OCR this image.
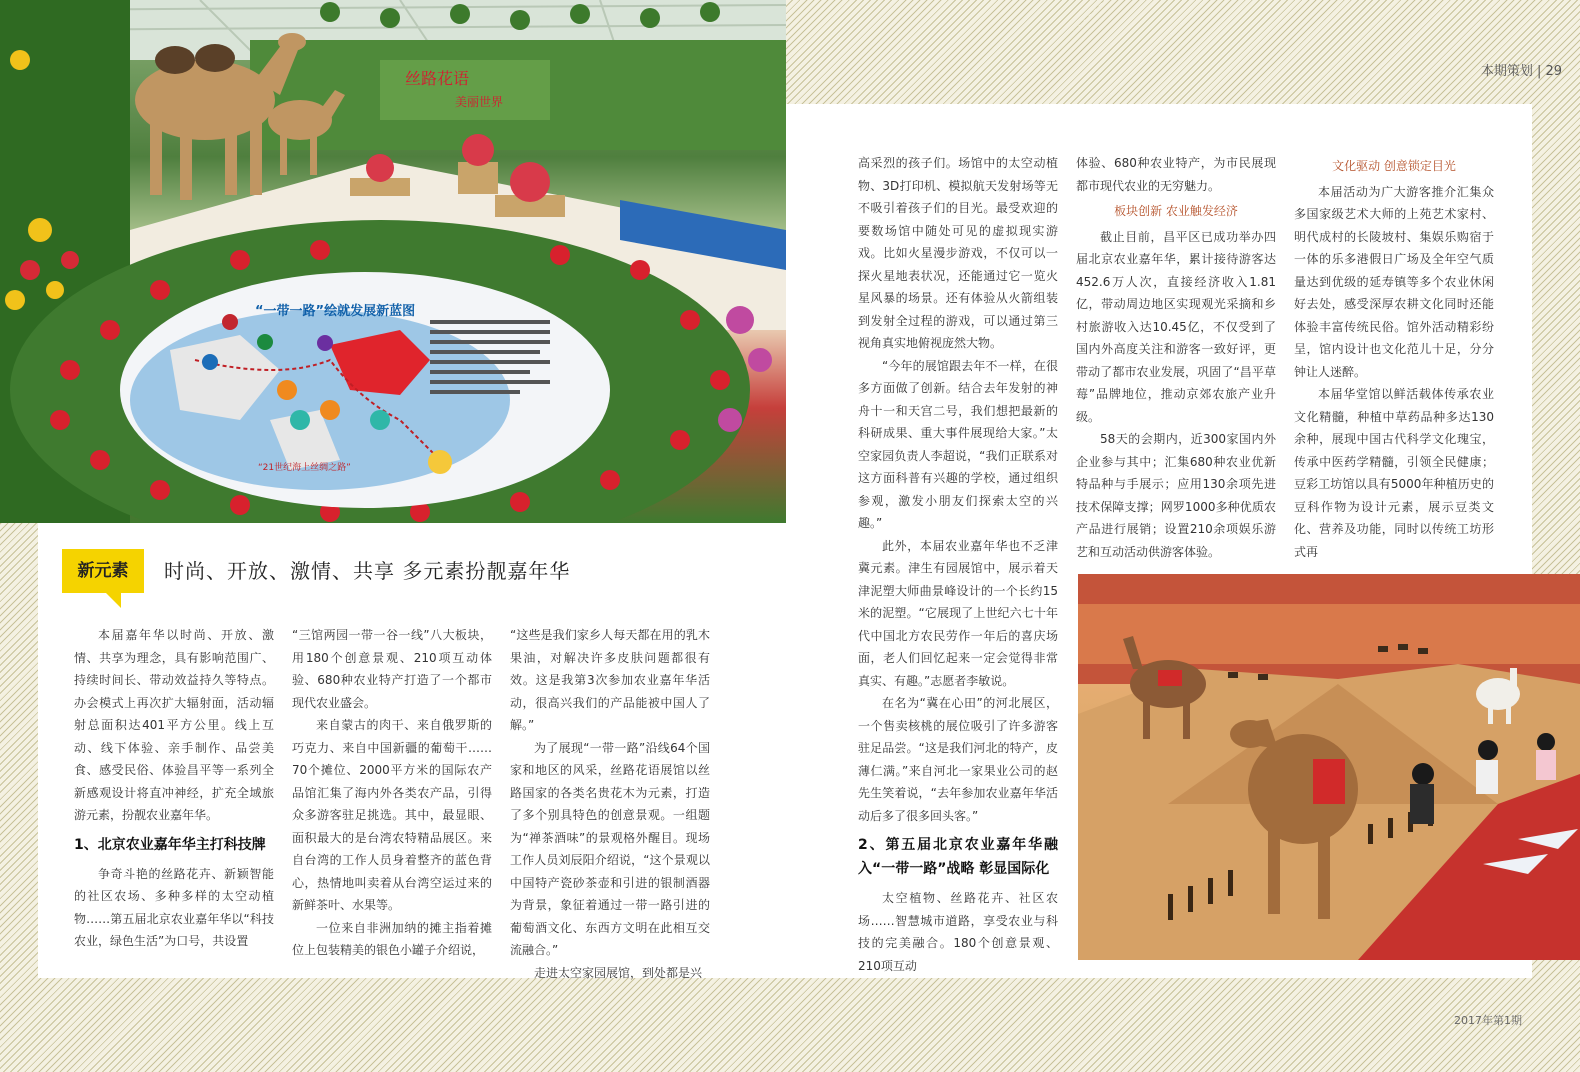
丝路花语
美丽世界
“一带一路”绘就发展新蓝图
“21世纪海上丝绸之路”
本期策划 | 29
2017年第1期
新元素	时尚、开放、激情、共享 多元素扮靓嘉年华

本届嘉年华以时尚、开放、激情、共享为理念，具有影响范围广、持续时间长、带动效益持久等特点。办会模式上再次扩大辐射面，活动辐射总面积达401平方公里。线上互动、线下体验、亲手制作、品尝美食、感受民俗、体验昌平等一系列全新感观设计将直冲神经，扩充全域旅游元素，扮靓农业嘉年华。

1、北京农业嘉年华主打科技牌

争奇斗艳的丝路花卉、新颖智能的社区农场、多种多样的太空动植物……第五届北京农业嘉年华以“科技农业，绿色生活”为口号，共设置

“三馆两园一带一谷一线”八大板块，用180个创意景观、210项互动体验、680种农业特产打造了一个都市现代农业盛会。

来自蒙古的肉干、来自俄罗斯的巧克力、来自中国新疆的葡萄干……70个摊位、2000平方米的国际农产品馆汇集了海内外各类农产品，引得众多游客驻足挑选。其中，最显眼、面积最大的是台湾农特精品展区。来自台湾的工作人员身着整齐的蓝色背心，热情地叫卖着从台湾空运过来的新鲜茶叶、水果等。

一位来自非洲加纳的摊主指着摊位上包装精美的银色小罐子介绍说，

“这些是我们家乡人每天都在用的乳木果油，对解决许多皮肤问题都很有效。这是我第3次参加农业嘉年华活动，很高兴我们的产品能被中国人了解。”

为了展现“一带一路”沿线64个国家和地区的风采，丝路花语展馆以丝路国家的各类名贵花木为元素，打造了多个别具特色的创意景观。一组题为“禅茶酒味”的景观格外醒目。现场工作人员刘辰阳介绍说，“这个景观以中国特产瓷砂茶壶和引进的银制酒器为背景，象征着通过一带一路引进的葡萄酒文化、东西方文明在此相互交流融合。”

走进太空家园展馆，到处都是兴

高采烈的孩子们。场馆中的太空动植物、3D打印机、模拟航天发射场等无不吸引着孩子们的目光。最受欢迎的要数场馆中随处可见的虚拟现实游戏。比如火星漫步游戏，不仅可以一探火星地表状况，还能通过它一览火星风暴的场景。还有体验从火箭组装到发射全过程的游戏，可以通过第三视角真实地俯视庞然大物。

“今年的展馆跟去年不一样，在很多方面做了创新。结合去年发射的神舟十一和天宫二号，我们想把最新的科研成果、重大事件展现给大家。”太空家园负责人李超说，“我们正联系对这方面科普有兴趣的学校，通过组织参观，激发小朋友们探索太空的兴趣。”

此外，本届农业嘉年华也不乏津冀元素。津生有园展馆中，展示着天津泥塑大师曲景峰设计的一个长约15米的泥塑。“它展现了上世纪六七十年代中国北方农民劳作一年后的喜庆场面，老人们回忆起来一定会觉得非常真实、有趣。”志愿者李敏说。

在名为“冀在心田”的河北展区，一个售卖核桃的展位吸引了许多游客驻足品尝。“这是我们河北的特产，皮薄仁满。”来自河北一家果业公司的赵先生笑着说，“去年参加农业嘉年华活动后多了很多回头客。”

2、第五届北京农业嘉年华融入“一带一路”战略 彰显国际化

太空植物、丝路花卉、社区农场……智慧城市道路，享受农业与科技的完美融合。180个创意景观、210项互动

体验、680种农业特产，为市民展现都市现代农业的无穷魅力。

板块创新 农业触发经济

截止目前，昌平区已成功举办四届北京农业嘉年华，累计接待游客达452.6万人次，直接经济收入1.81亿，带动周边地区实现观光采摘和乡村旅游收入达10.45亿，不仅受到了国内外高度关注和游客一致好评，更带动了都市农业发展，巩固了“昌平草莓”品牌地位，推动京郊农旅产业升级。

58天的会期内，近300家国内外企业参与其中；汇集680种农业优新特品种与手展示；应用130余项先进技术保障支撑；网罗1000多种优质农产品进行展销；设置210余项娱乐游艺和互动活动供游客体验。

文化驱动 创意锁定目光

本届活动为广大游客推介汇集众多国家级艺术大师的上苑艺术家村、明代成村的长陵坡村、集娱乐购宿于一体的乐多港假日广场及全年空气质量达到优级的延寿镇等多个农业休闲好去处，感受深厚农耕文化同时还能体验丰富传统民俗。馆外活动精彩纷呈，馆内设计也文化范儿十足，分分钟让人迷醉。

本届华堂馆以鲜活载体传承农业文化精髓，种植中草药品种多达130余种，展现中国古代科学文化瑰宝，传承中医药学精髓，引领全民健康；豆彩工坊馆以具有5000年种植历史的豆科作物为设计元素，展示豆类文化、营养及功能，同时以传统工坊形式再
